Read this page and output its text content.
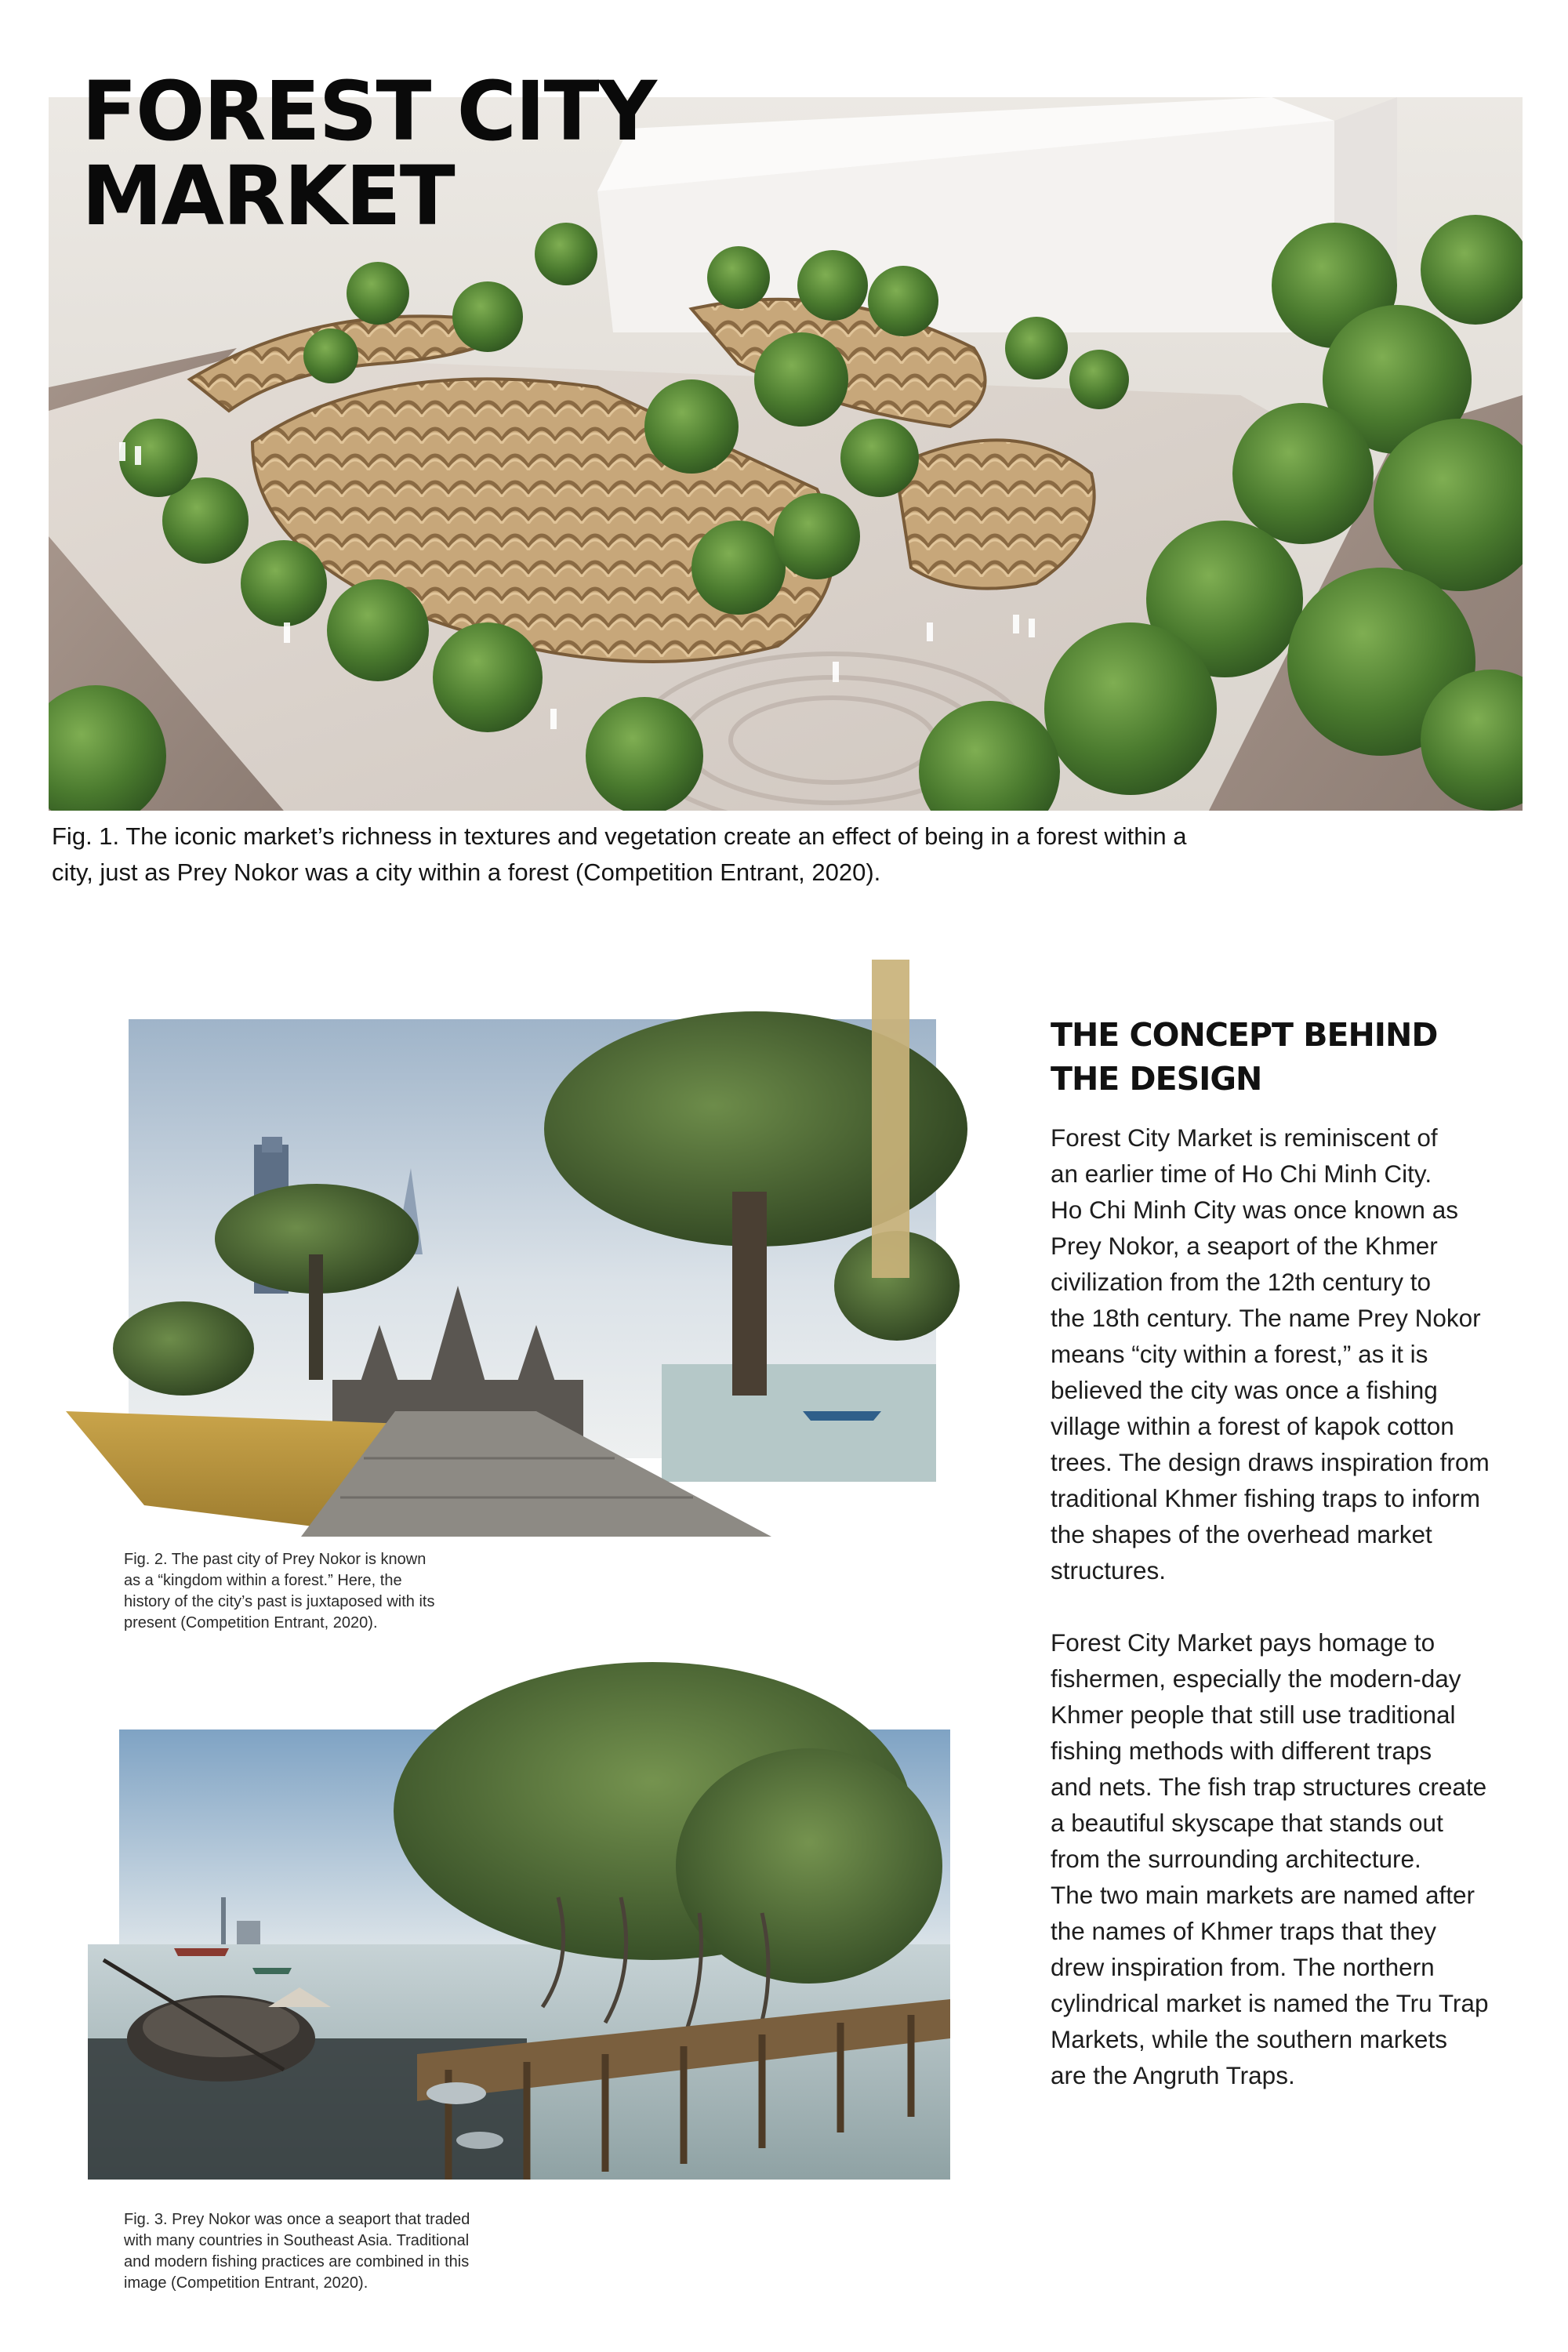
FOREST CITY
MARKET

Fig. 1. The iconic market’s richness in textures and vegetation create an effect of being in a forest within a
city, just as Prey Nokor was a city within a forest (Competition Entrant, 2020).

Fig. 2. The past city of Prey Nokor is known
as a “kingdom within a forest.” Here, the
history of the city’s past is juxtaposed with its
present (Competition Entrant, 2020).

Fig. 3. Prey Nokor was once a seaport that traded
with many countries in Southeast Asia. Traditional
and modern fishing practices are combined in this
image (Competition Entrant, 2020).

THE CONCEPT BEHIND
THE DESIGN

Forest City Market is reminiscent of
an earlier time of Ho Chi Minh City.
Ho Chi Minh City was once known as
Prey Nokor, a seaport of the Khmer
civilization from the 12th century to
the 18th century. The name Prey Nokor
means “city within a forest,” as it is
believed the city was once a fishing
village within a forest of kapok cotton
trees. The design draws inspiration from
traditional Khmer fishing traps to inform
the shapes of the overhead market
structures.

Forest City Market pays homage to
fishermen, especially the modern-day
Khmer people that still use traditional
fishing methods with different traps
and nets. The fish trap structures create
a beautiful skyscape that stands out
from the surrounding architecture.
The two main markets are named after
the names of Khmer traps that they
drew inspiration from. The northern
cylindrical market is named the Tru Trap
Markets, while the southern markets
are the Angruth Traps.
